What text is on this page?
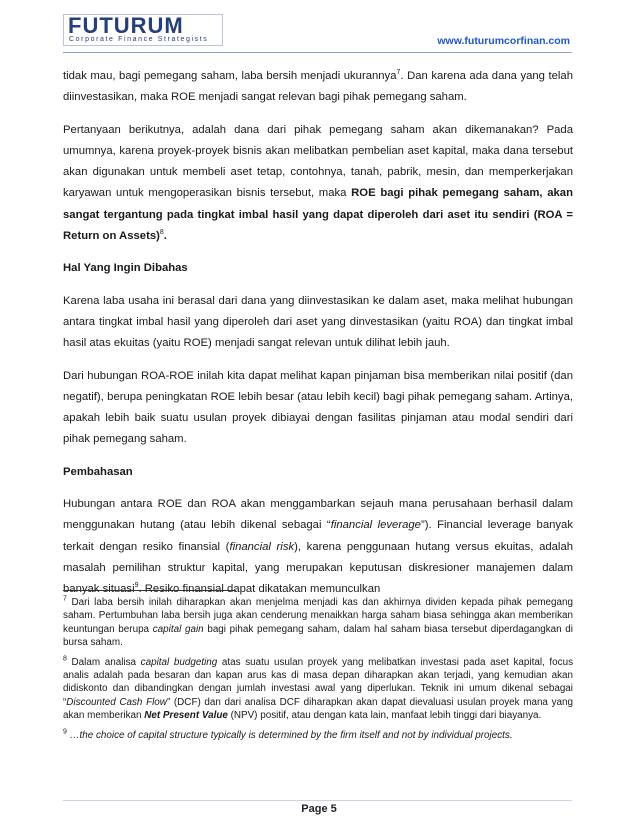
FUTURUM
Corporate Finance Strategists	www.futurumcorfinan.com

tidak mau, bagi pemegang saham, laba bersih menjadi ukurannya$^7$. Dan karena ada dana yang telah diinvestasikan, maka ROE menjadi sangat relevan bagi pihak pemegang saham.

Pertanyaan berikutnya, adalah dana dari pihak pemegang saham akan dikemanakan? Pada umumnya, karena proyek-proyek bisnis akan melibatkan pembelian aset kapital, maka dana tersebut akan digunakan untuk membeli aset tetap, contohnya, tanah, pabrik, mesin, dan memperkerjakan karyawan untuk mengoperasikan bisnis tersebut, maka ROE bagi pihak pemegang saham, akan sangat tergantung pada tingkat imbal hasil yang dapat diperoleh dari aset itu sendiri (ROA = Return on Assets)$^8$.

Hal Yang Ingin Dibahas

Karena laba usaha ini berasal dari dana yang diinvestasikan ke dalam aset, maka melihat hubungan antara tingkat imbal hasil yang diperoleh dari aset yang dinvestasikan (yaitu ROA) dan tingkat imbal hasil atas ekuitas (yaitu ROE) menjadi sangat relevan untuk dilihat lebih jauh.

Dari hubungan ROA-ROE inilah kita dapat melihat kapan pinjaman bisa memberikan nilai positif (dan negatif), berupa peningkatan ROE lebih besar (atau lebih kecil) bagi pihak pemegang saham. Artinya, apakah lebih baik suatu usulan proyek dibiayai dengan fasilitas pinjaman atau modal sendiri dari pihak pemegang saham.

Pembahasan

Hubungan antara ROE dan ROA akan menggambarkan sejauh mana perusahaan berhasil dalam menggunakan hutang (atau lebih dikenal sebagai “financial leverage”). Financial leverage banyak terkait dengan resiko finansial (financial risk), karena penggunaan hutang versus ekuitas, adalah masalah pemilihan struktur kapital, yang merupakan keputusan diskresioner manajemen dalam banyak situasi$^9$. Resiko finansial dapat dikatakan memunculkan

$^7$ Dari laba bersih inilah diharapkan akan menjelma menjadi kas dan akhirnya dividen kepada pihak pemegang saham. Pertumbuhan laba bersih juga akan cenderung menaikkan harga saham biasa sehingga akan memberikan keuntungan berupa capital gain bagi pihak pemegang saham, dalam hal saham biasa tersebut diperdagangkan di bursa saham.

$^8$ Dalam analisa capital budgeting atas suatu usulan proyek yang melibatkan investasi pada aset kapital, focus analis adalah pada besaran dan kapan arus kas di masa depan diharapkan akan terjadi, yang kemudian akan didiskonto dan dibandingkan dengan jumlah investasi awal yang diperlukan. Teknik ini umum dikenal sebagai “Discounted Cash Flow” (DCF) dan dari analisa DCF diharapkan akan dapat dievaluasi usulan proyek mana yang akan memberikan Net Present Value (NPV) positif, atau dengan kata lain, manfaat lebih tinggi dari biayanya.

$^9$ …the choice of capital structure typically is determined by the firm itself and not by individual projects.

Page 5
